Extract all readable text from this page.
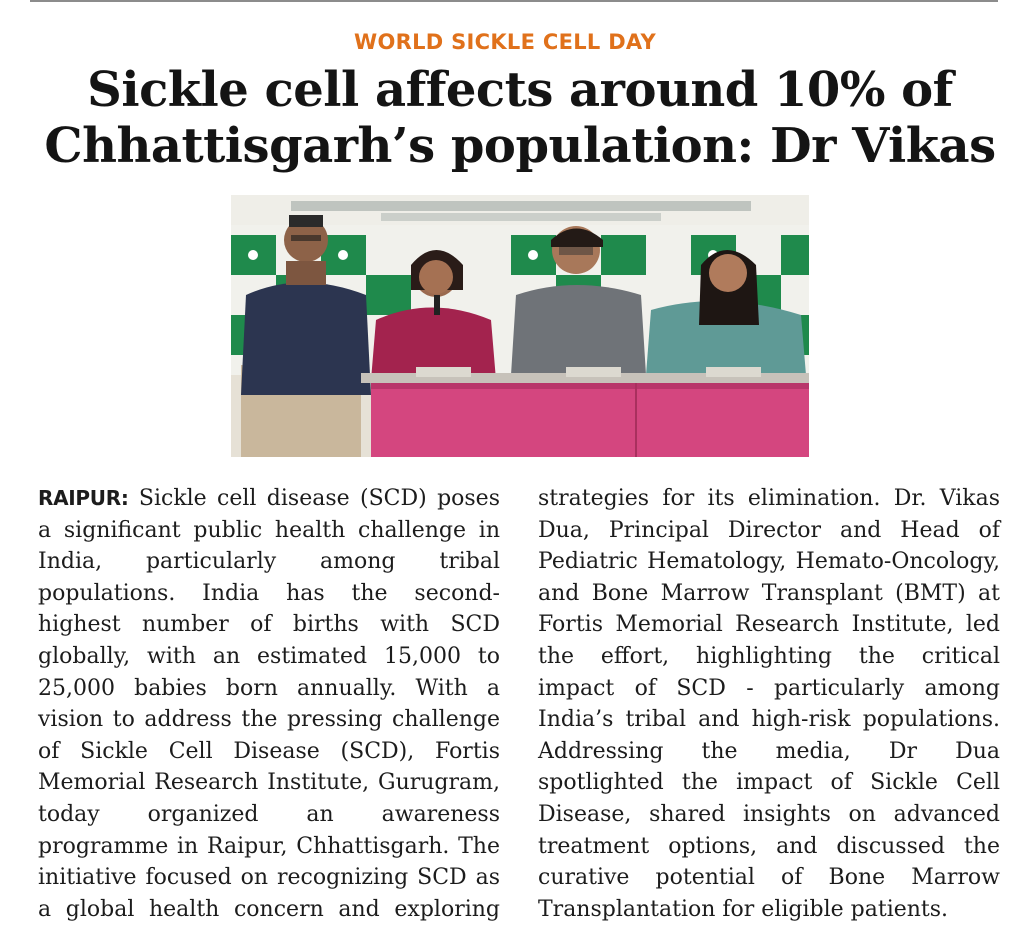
WORLD SICKLE CELL DAY
Sickle cell affects around 10% of
Chhattisgarh’s population: Dr Vikas

RAIPUR: Sickle cell disease (SCD) poses a significant public health challenge in India, particularly among tribal populations. India has the second-highest number of births with SCD globally, with an estimated 15,000 to 25,000 babies born annually. With a vision to address the pressing challenge of Sickle Cell Disease (SCD), Fortis Memorial Research Institute, Gurugram, today organized an awareness programme in Raipur, Chhattisgarh. The initiative focused on recognizing SCD as a global health concern and exploring strategies for its elimination. Dr. Vikas Dua, Principal Director and Head of Pediatric Hematology, Hemato-Oncology, and Bone Marrow Transplant (BMT) at Fortis Memorial Research Institute, led the effort, highlighting the critical impact of SCD - particularly among India’s tribal and high-risk populations. Addressing the media, Dr Dua spotlighted the impact of Sickle Cell Disease, shared insights on advanced treatment options, and discussed the curative potential of Bone Marrow Transplantation for eligible patients.
